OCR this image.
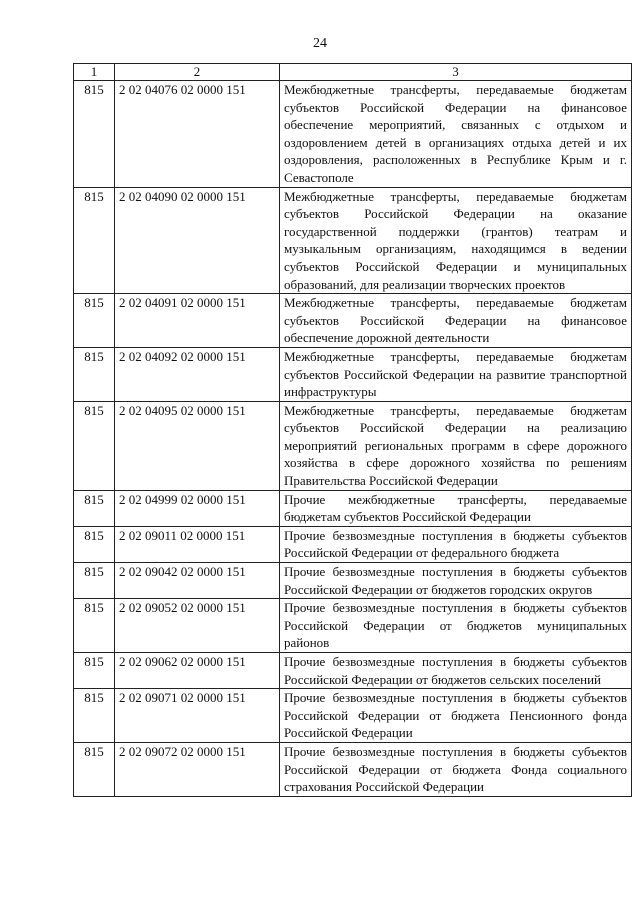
24
1	2	3
815	2 02 04076 02 0000 151	Межбюджетные трансферты, передаваемые бюджетам субъектов Российской Федерации на финансовое обеспечение мероприятий, связанных с отдыхом и оздоровлением детей в организациях отдыха детей и их оздоровления, расположенных в Республике Крым и г. Севастополе
815	2 02 04090 02 0000 151	Межбюджетные трансферты, передаваемые бюджетам субъектов Российской Федерации на оказание государственной поддержки (грантов) театрам и музыкальным организациям, находящимся в ведении субъектов Российской Федерации и муниципальных образований, для реализации творческих проектов
815	2 02 04091 02 0000 151	Межбюджетные трансферты, передаваемые бюджетам субъектов Российской Федерации на финансовое обеспечение дорожной деятельности
815	2 02 04092 02 0000 151	Межбюджетные трансферты, передаваемые бюджетам субъектов Российской Федерации на развитие транспортной инфраструктуры
815	2 02 04095 02 0000 151	Межбюджетные трансферты, передаваемые бюджетам субъектов Российской Федерации на реализацию мероприятий региональных программ в сфере дорожного хозяйства в сфере дорожного хозяйства по решениям Правительства Российской Федерации
815	2 02 04999 02 0000 151	Прочие межбюджетные трансферты, передаваемые бюджетам субъектов Российской Федерации
815	2 02 09011 02 0000 151	Прочие безвозмездные поступления в бюджеты субъектов Российской Федерации от федерального бюджета
815	2 02 09042 02 0000 151	Прочие безвозмездные поступления в бюджеты субъектов Российской Федерации от бюджетов городских округов
815	2 02 09052 02 0000 151	Прочие безвозмездные поступления в бюджеты субъектов Российской Федерации от бюджетов муниципальных районов
815	2 02 09062 02 0000 151	Прочие безвозмездные поступления в бюджеты субъектов Российской Федерации от бюджетов сельских поселений
815	2 02 09071 02 0000 151	Прочие безвозмездные поступления в бюджеты субъектов Российской Федерации от бюджета Пенсионного фонда Российской Федерации
815	2 02 09072 02 0000 151	Прочие безвозмездные поступления в бюджеты субъектов Российской Федерации от бюджета Фонда социального страхования Российской Федерации
